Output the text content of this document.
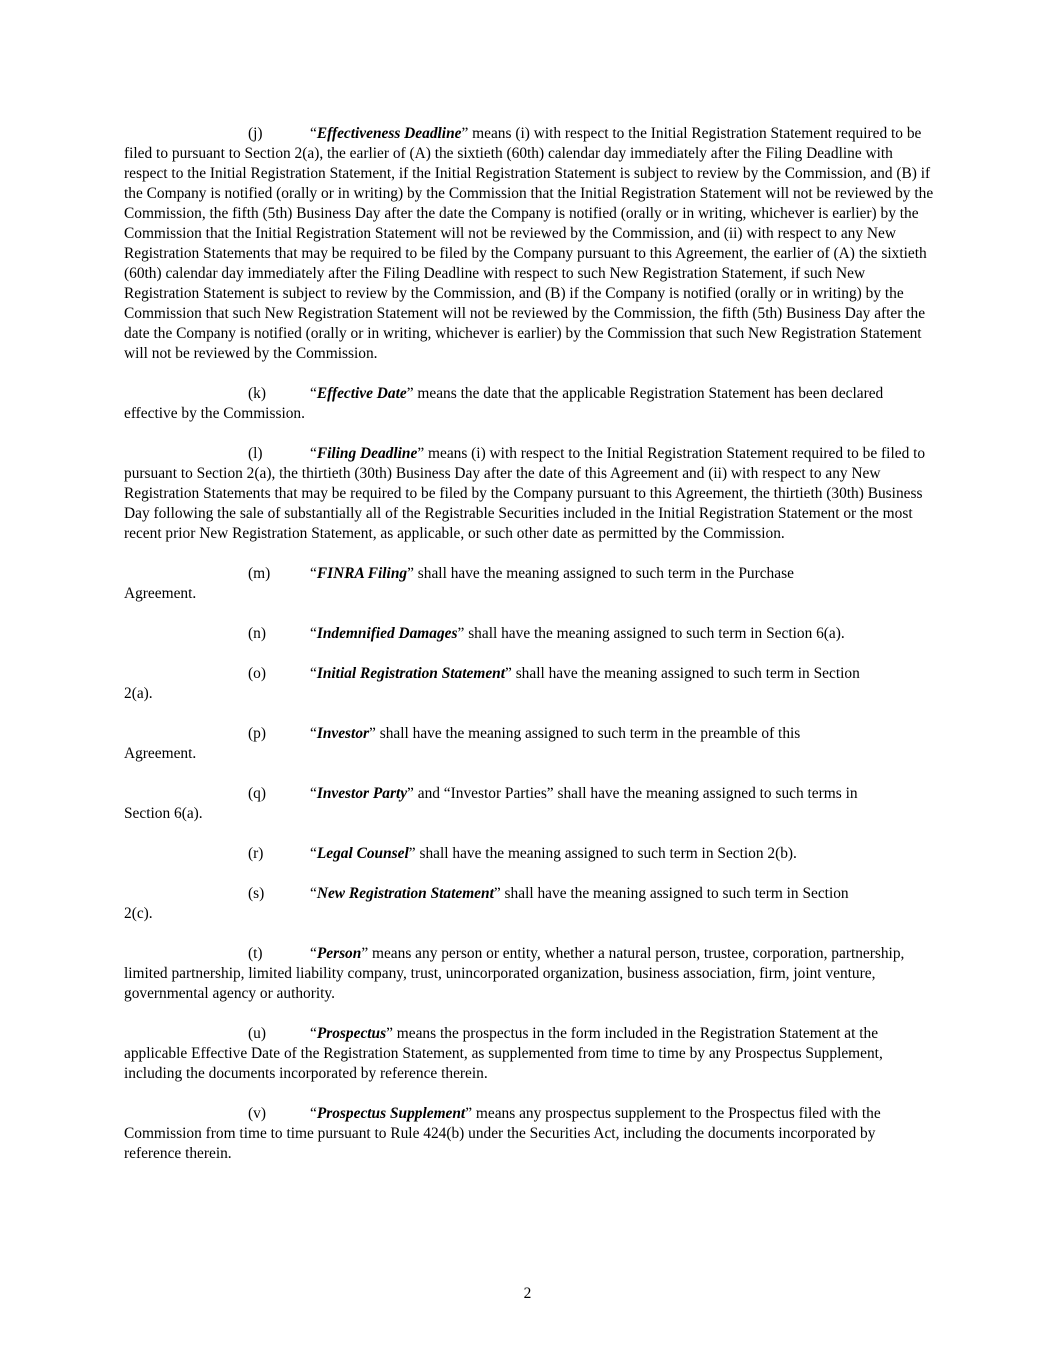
(j)	“Effectiveness Deadline” means (i) with respect to the Initial Registration Statement required to be filed to pursuant to Section 2(a), the earlier of (A) the sixtieth (60th) calendar day immediately after the Filing Deadline with respect to the Initial Registration Statement, if the Initial Registration Statement is subject to review by the Commission, and (B) if the Company is notified (orally or in writing) by the Commission that the Initial Registration Statement will not be reviewed by the Commission, the fifth (5th) Business Day after the date the Company is notified (orally or in writing, whichever is earlier) by the Commission that the Initial Registration Statement will not be reviewed by the Commission, and (ii) with respect to any New Registration Statements that may be required to be filed by the Company pursuant to this Agreement, the earlier of (A) the sixtieth (60th) calendar day immediately after the Filing Deadline with respect to such New Registration Statement, if such New Registration Statement is subject to review by the Commission, and (B) if the Company is notified (orally or in writing) by the Commission that such New Registration Statement will not be reviewed by the Commission, the fifth (5th) Business Day after the date the Company is notified (orally or in writing, whichever is earlier) by the Commission that such New Registration Statement will not be reviewed by the Commission.

(k)	“Effective Date” means the date that the applicable Registration Statement has been declared effective by the Commission.

(l)	“Filing Deadline” means (i) with respect to the Initial Registration Statement required to be filed to pursuant to Section 2(a), the thirtieth (30th) Business Day after the date of this Agreement and (ii) with respect to any New Registration Statements that may be required to be filed by the Company pursuant to this Agreement, the thirtieth (30th) Business Day following the sale of substantially all of the Registrable Securities included in the Initial Registration Statement or the most recent prior New Registration Statement, as applicable, or such other date as permitted by the Commission.

(m)	“FINRA Filing” shall have the meaning assigned to such term in the Purchase
Agreement.

(n)	“Indemnified Damages” shall have the meaning assigned to such term in Section 6(a).

(o)	“Initial Registration Statement” shall have the meaning assigned to such term in Section
2(a).

(p)	“Investor” shall have the meaning assigned to such term in the preamble of this
Agreement.

(q)	“Investor Party” and “Investor Parties” shall have the meaning assigned to such terms in
Section 6(a).

(r)	“Legal Counsel” shall have the meaning assigned to such term in Section 2(b).

(s)	“New Registration Statement” shall have the meaning assigned to such term in Section
2(c).

(t)	“Person” means any person or entity, whether a natural person, trustee, corporation, partnership, limited partnership, limited liability company, trust, unincorporated organization, business association, firm, joint venture, governmental agency or authority.

(u)	“Prospectus” means the prospectus in the form included in the Registration Statement at the applicable Effective Date of the Registration Statement, as supplemented from time to time by any Prospectus Supplement, including the documents incorporated by reference therein.

(v)	“Prospectus Supplement” means any prospectus supplement to the Prospectus filed with the Commission from time to time pursuant to Rule 424(b) under the Securities Act, including the documents incorporated by reference therein.

2
